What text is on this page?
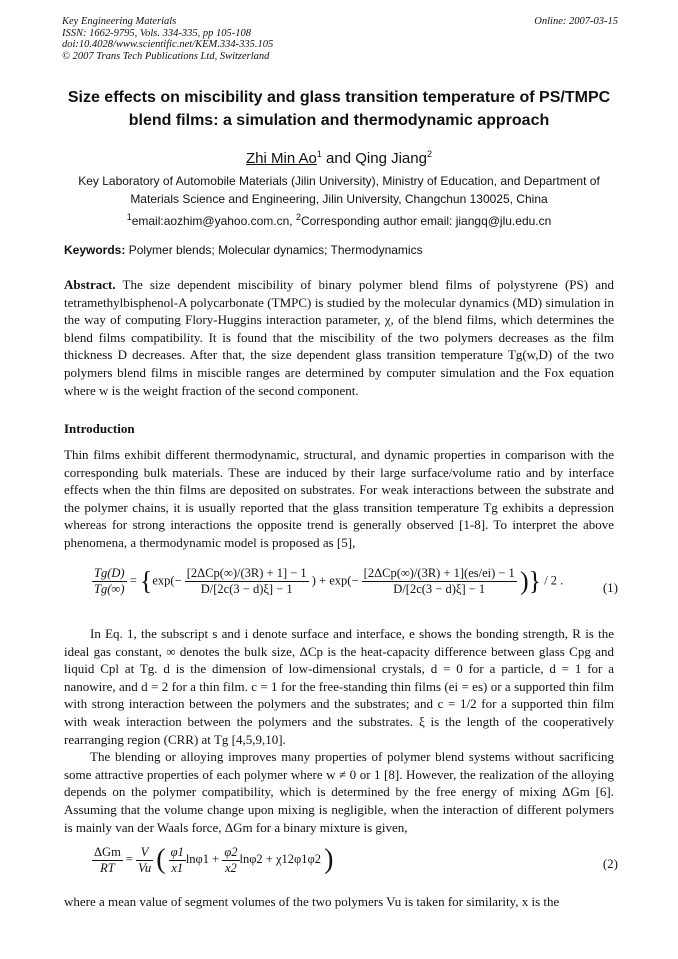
Key Engineering Materials
ISSN: 1662-9795, Vols. 334-335, pp 105-108
doi:10.4028/www.scientific.net/KEM.334-335.105
© 2007 Trans Tech Publications Ltd, Switzerland
Online: 2007-03-15
Size effects on miscibility and glass transition temperature of PS/TMPC
blend films: a simulation and thermodynamic approach
Zhi Min Ao$^1$ and Qing Jiang$^2$
Key Laboratory of Automobile Materials (Jilin University), Ministry of Education, and Department of
Materials Science and Engineering, Jilin University, Changchun 130025, China
$^1$email:aozhim@yahoo.com.cn, $^2$Corresponding author email: jiangq@jlu.edu.cn
Keywords: Polymer blends; Molecular dynamics; Thermodynamics
Abstract. The size dependent miscibility of binary polymer blend films of polystyrene (PS) and tetramethylbisphenol-A polycarbonate (TMPC) is studied by the molecular dynamics (MD) simulation in the way of computing Flory-Huggins interaction parameter, χ, of the blend films, which determines the blend films compatibility. It is found that the miscibility of the two polymers decreases as the film thickness D decreases. After that, the size dependent glass transition temperature Tg(w,D) of the two polymers blend films in miscible ranges are determined by computer simulation and the Fox equation where w is the weight fraction of the second component.
Introduction
Thin films exhibit different thermodynamic, structural, and dynamic properties in comparison with the corresponding bulk materials. These are induced by their large surface/volume ratio and by interface effects when the thin films are deposited on substrates. For weak interactions between the substrate and the polymer chains, it is usually reported that the glass transition temperature Tg exhibits a depression whereas for strong interactions the opposite trend is generally observed [1-8]. To interpret the above phenomena, a thermodynamic model is proposed as [5],
$\frac{Tg(D)}{Tg(\infty)} = \{\exp(- \frac{\text{[2ΔCp(∞)/(3R) + 1] − 1}}{D/[2c(3 - d)\xi] - 1}$ ) + $\exp(- \frac{\text{[2ΔCp(∞)/(3R) + 1](es/ei) − 1}}{D/[2c(3 - d)\xi] - 1}$ )} / 2 .	(1)
In Eq. 1, the subscript s and i denote surface and interface, e shows the bonding strength, R is the ideal gas constant, ∞ denotes the bulk size, ΔCp is the heat-capacity difference between glass Cpg and liquid Cpl at Tg. d is the dimension of low-dimensional crystals, d = 0 for a particle, d = 1 for a nanowire, and d = 2 for a thin film. c = 1 for the free-standing thin films (ei = es) or a supported thin film with strong interaction between the polymers and the substrates; and c = 1/2 for a supported thin film with weak interaction between the polymers and the substrates. ξ is the length of the cooperatively rearranging region (CRR) at Tg [4,5,9,10].
The blending or alloying improves many properties of polymer blend systems without sacrificing some attractive properties of each polymer where w ≠ 0 or 1 [8]. However, the realization of the alloying depends on the polymer compatibility, which is determined by the free energy of mixing ΔGm [6]. Assuming that the volume change upon mixing is negligible, when the interaction of different polymers is mainly van der Waals force, ΔGm for a binary mixture is given,
$\frac{\text{ΔGm}}{RT} = \frac{V}{Vu}$ ( $\frac{\varphi 1}{x1} \ln\varphi 1 + \frac{\varphi 2}{x2} \ln\varphi 2 + \chi 12\varphi 1\varphi 2$ )	(2)
where a mean value of segment volumes of the two polymers Vu is taken for similarity, x is the
